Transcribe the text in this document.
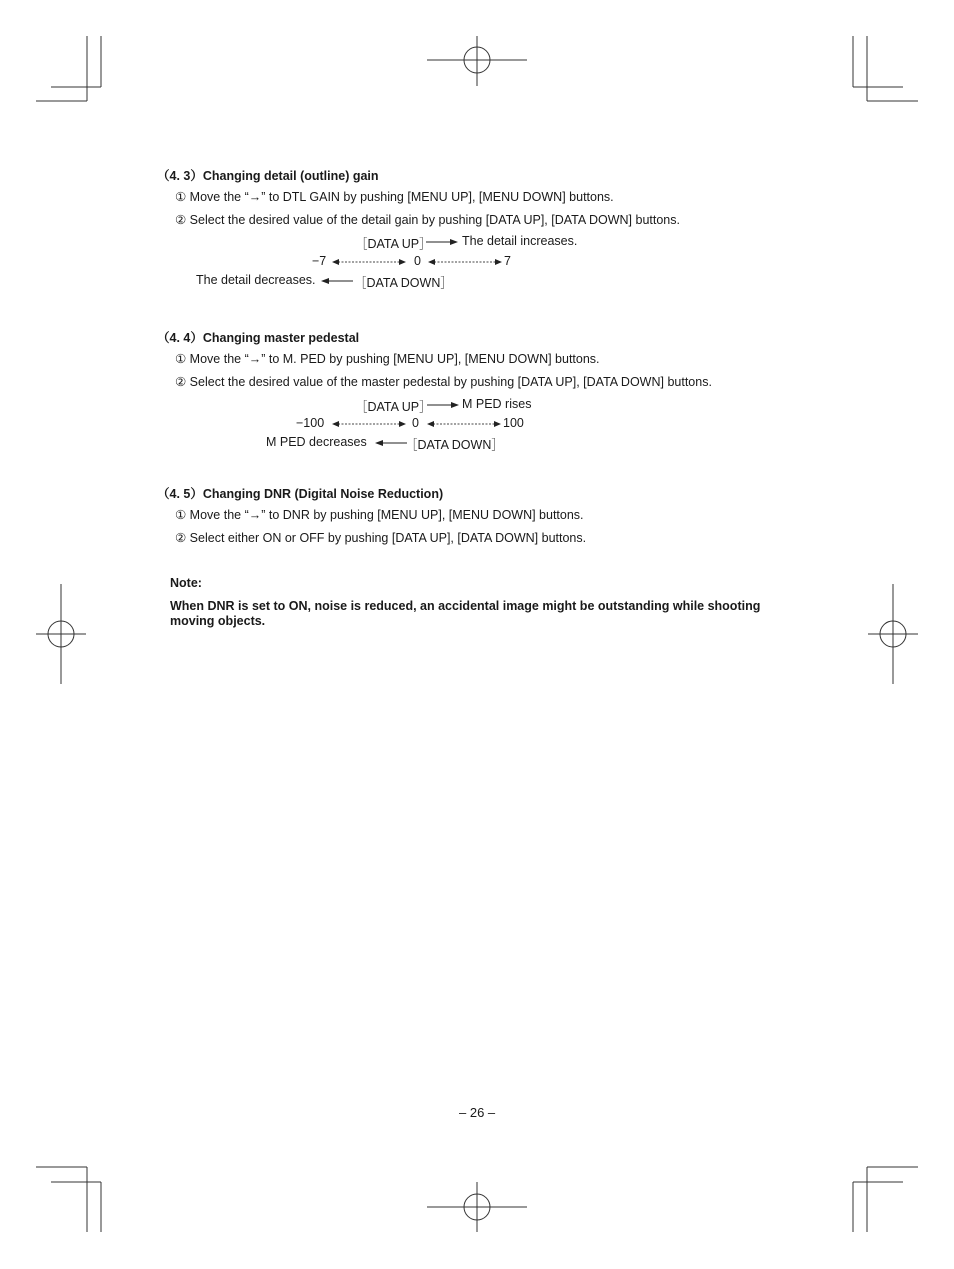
（4. 3）Changing detail (outline) gain
① Move the “→” to DTL GAIN by pushing [MENU UP], [MENU DOWN] buttons.
② Select the desired value of the detail gain by pushing [DATA UP], [DATA DOWN] buttons.
［DATA UP］ The detail increases.
−7	0	7
The detail decreases.	［DATA DOWN］
（4. 4）Changing master pedestal
① Move the “→” to M. PED by pushing [MENU UP], [MENU DOWN] buttons.
② Select the desired value of the master pedestal by pushing [DATA UP], [DATA DOWN] buttons.
［DATA UP］ M PED rises
−100	0	100
M PED decreases	［DATA DOWN］
（4. 5）Changing DNR (Digital Noise Reduction)
① Move the “→” to DNR by pushing [MENU UP], [MENU DOWN] buttons.
② Select either ON or OFF by pushing [DATA UP], [DATA DOWN] buttons.
Note:
When DNR is set to ON, noise is reduced, an accidental image might be outstanding while shooting moving objects.
– 26 –
